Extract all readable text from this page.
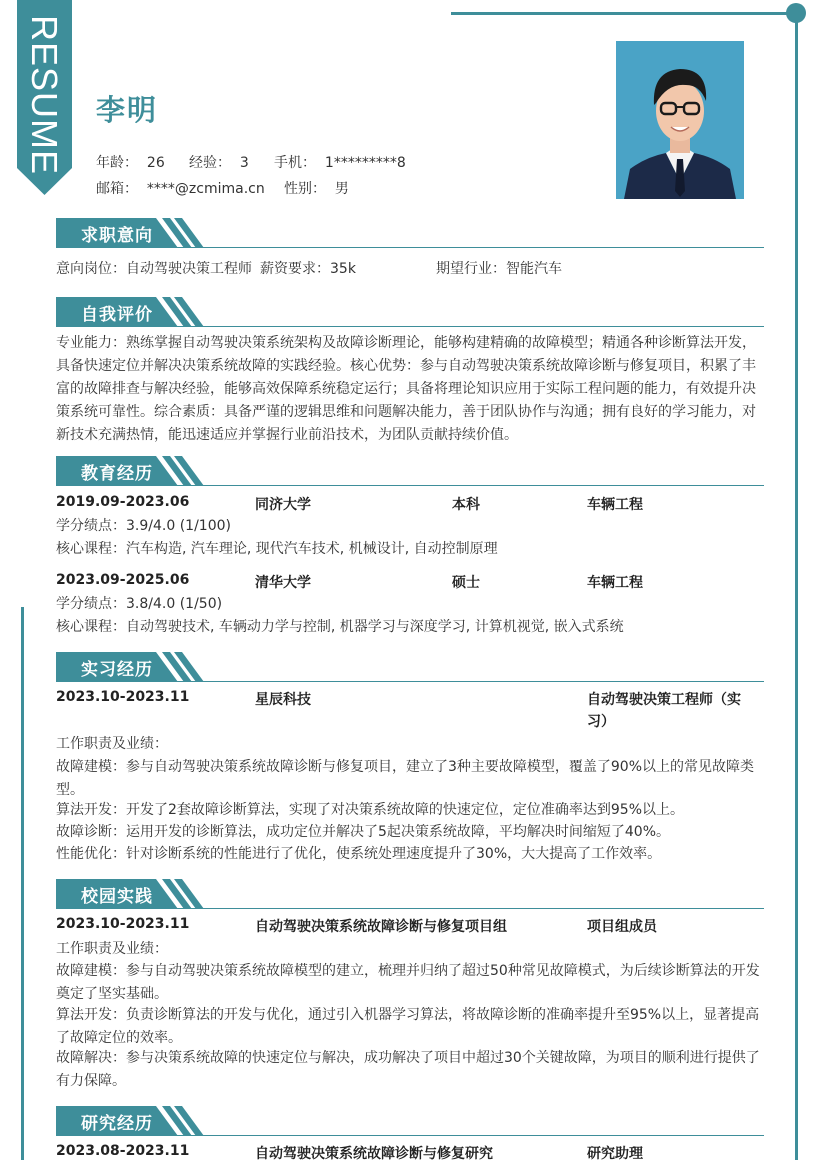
RESUME 李明
年龄： 26 经验： 3 手机： 1*********8
邮箱： ****@zcmima.cn 性别： 男
求职意向
意向岗位：自动驾驶决策工程师 薪资要求：35k	期望行业：智能汽车
自我评价
专业能力：熟练掌握自动驾驶决策系统架构及故障诊断理论，能够构建精确的故障模型；精通各种诊断算法开发，具备快速定位并解决决策系统故障的实践经验。核心优势：参与自动驾驶决策系统故障诊断与修复项目，积累了丰富的故障排查与解决经验，能够高效保障系统稳定运行；具备将理论知识应用于实际工程问题的能力，有效提升决策系统可靠性。综合素质：具备严谨的逻辑思维和问题解决能力，善于团队协作与沟通；拥有良好的学习能力，对新技术充满热情，能迅速适应并掌握行业前沿技术，为团队贡献持续价值。
教育经历
2019.09-2023.06	同济大学	本科	车辆工程
学分绩点：3.9/4.0 (1/100)
核心课程：汽车构造, 汽车理论, 现代汽车技术, 机械设计, 自动控制原理
2023.09-2025.06	清华大学	硕士	车辆工程
学分绩点：3.8/4.0 (1/50)
核心课程：自动驾驶技术, 车辆动力学与控制, 机器学习与深度学习, 计算机视觉, 嵌入式系统
实习经历
2023.10-2023.11	星辰科技	自动驾驶决策工程师（实习）
工作职责及业绩：
故障建模：参与自动驾驶决策系统故障诊断与修复项目，建立了3种主要故障模型，覆盖了90%以上的常见故障类型。
算法开发：开发了2套故障诊断算法，实现了对决策系统故障的快速定位，定位准确率达到95%以上。
故障诊断：运用开发的诊断算法，成功定位并解决了5起决策系统故障，平均解决时间缩短了40%。
性能优化：针对诊断系统的性能进行了优化，使系统处理速度提升了30%，大大提高了工作效率。
校园实践
2023.10-2023.11	自动驾驶决策系统故障诊断与修复项目组	项目组成员
工作职责及业绩：
故障建模：参与自动驾驶决策系统故障模型的建立，梳理并归纳了超过50种常见故障模式，为后续诊断算法的开发奠定了坚实基础。
算法开发：负责诊断算法的开发与优化，通过引入机器学习算法，将故障诊断的准确率提升至95%以上，显著提高了故障定位的效率。
故障解决：参与决策系统故障的快速定位与解决，成功解决了项目中超过30个关键故障，为项目的顺利进行提供了有力保障。
研究经历
2023.08-2023.11	自动驾驶决策系统故障诊断与修复研究	研究助理
